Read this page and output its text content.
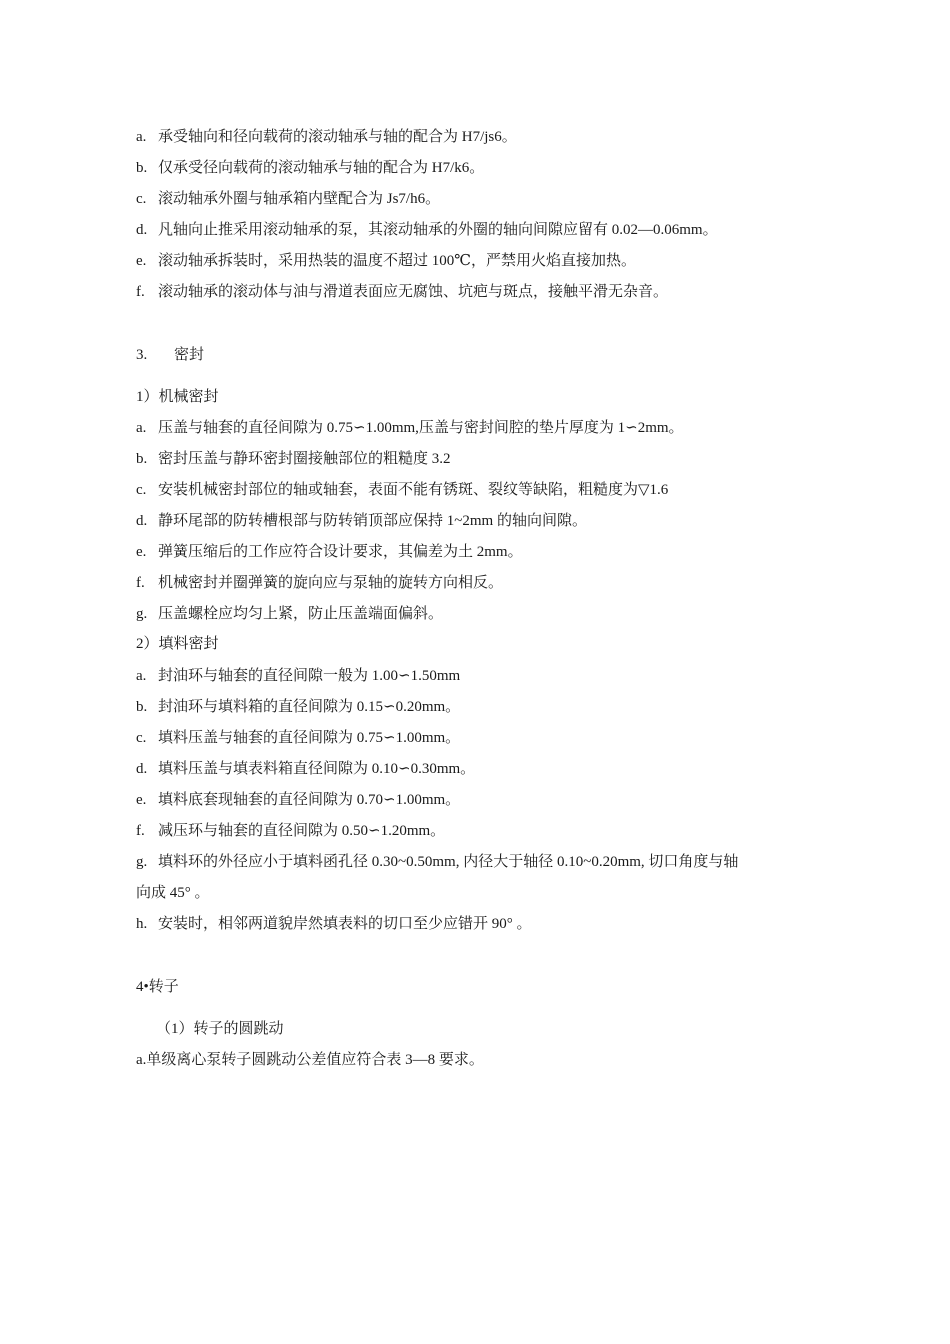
a. 承受轴向和径向载荷的滚动轴承与轴的配合为 H7/js6。
b. 仅承受径向载荷的滚动轴承与轴的配合为 H7/k6。
c. 滚动轴承外圈与轴承箱内壁配合为 Js7/h6。
d. 凡轴向止推采用滚动轴承的泵，其滚动轴承的外圈的轴向间隙应留有 0.02—0.06mm。
e. 滚动轴承拆装时，采用热装的温度不超过 100℃，严禁用火焰直接加热。
f. 滚动轴承的滚动体与油与滑道表面应无腐蚀、坑疤与斑点，接触平滑无杂音。
3. 密封
1）机械密封
a. 压盖与轴套的直径间隙为 0.75∽1.00mm,压盖与密封间腔的垫片厚度为 1∽2mm。
b. 密封压盖与静环密封圈接触部位的粗糙度 3.2
c. 安装机械密封部位的轴或轴套，表面不能有锈斑、裂纹等缺陷，粗糙度为▽1.6
d. 静环尾部的防转槽根部与防转销顶部应保持 1~2mm 的轴向间隙。
e. 弹簧压缩后的工作应符合设计要求，其偏差为土 2mm。
f. 机械密封并圈弹簧的旋向应与泵轴的旋转方向相反。
g. 压盖螺栓应均匀上紧，防止压盖端面偏斜。
2）填料密封
a. 封油环与轴套的直径间隙一般为 1.00∽1.50mm
b. 封油环与填料箱的直径间隙为 0.15∽0.20mm。
c. 填料压盖与轴套的直径间隙为 0.75∽1.00mm。
d. 填料压盖与填表料箱直径间隙为 0.10∽0.30mm。
e. 填料底套现轴套的直径间隙为 0.70∽1.00mm。
f. 减压环与轴套的直径间隙为 0.50∽1.20mm。
g. 填料环的外径应小于填料函孔径 0.30~0.50mm, 内径大于轴径 0.10~0.20mm, 切口角度与轴
向成 45° 。
h. 安装时，相邻两道貌岸然填表料的切口至少应错开 90° 。
4•转子
（1）转子的圆跳动
a.单级离心泵转子圆跳动公差值应符合表 3—8 要求。
